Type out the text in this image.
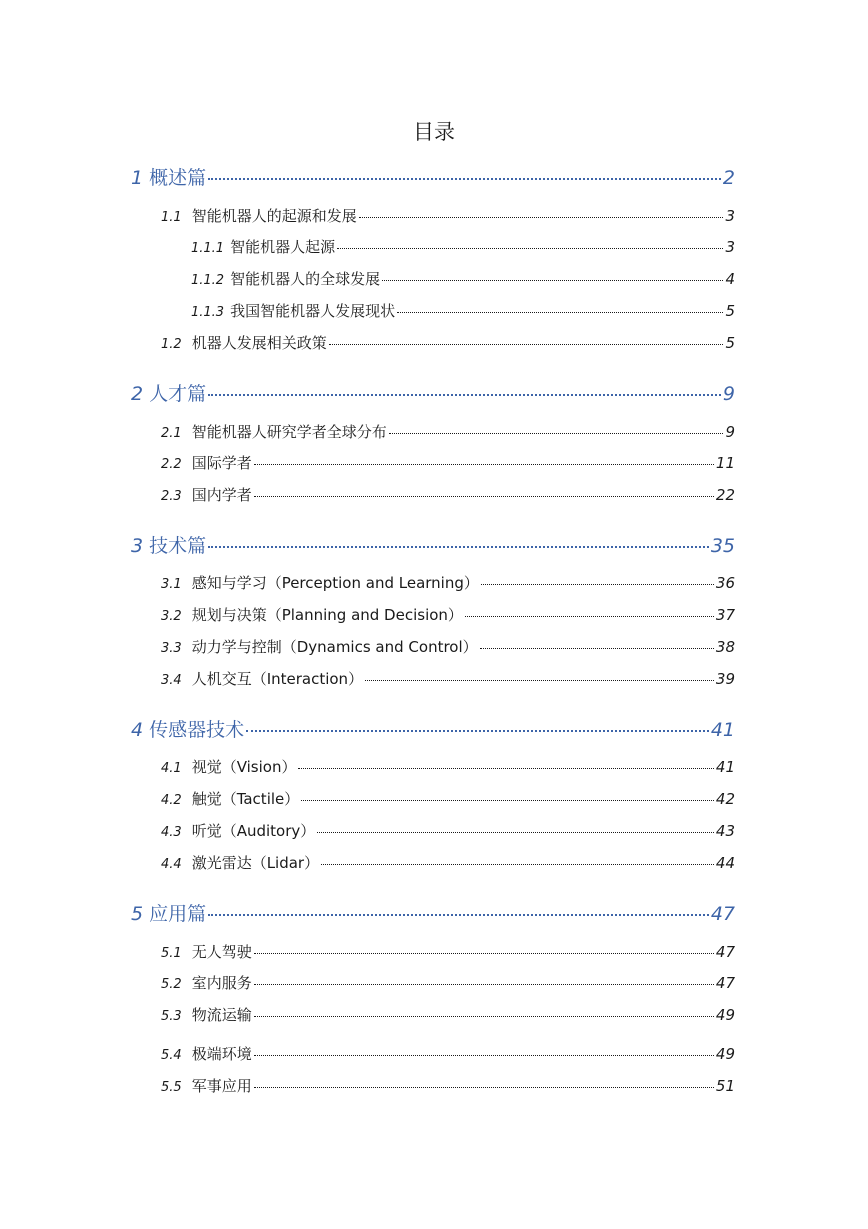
目录
1 概述篇	2
1.1 智能机器人的起源和发展	3
1.1.1 智能机器人起源	3
1.1.2 智能机器人的全球发展	4
1.1.3 我国智能机器人发展现状	5
1.2 机器人发展相关政策	5
2 人才篇	9
2.1 智能机器人研究学者全球分布	9
2.2 国际学者	11
2.3 国内学者	22
3 技术篇	35
3.1 感知与学习（Perception and Learning）	36
3.2 规划与决策（Planning and Decision）	37
3.3 动力学与控制（Dynamics and Control）	38
3.4 人机交互（Interaction）	39
4 传感器技术	41
4.1 视觉（Vision）	41
4.2 触觉（Tactile）	42
4.3 听觉（Auditory）	43
4.4 激光雷达（Lidar）	44
5 应用篇	47
5.1 无人驾驶	47
5.2 室内服务	47
5.3 物流运输	49
5.4 极端环境	49
5.5 军事应用	51
